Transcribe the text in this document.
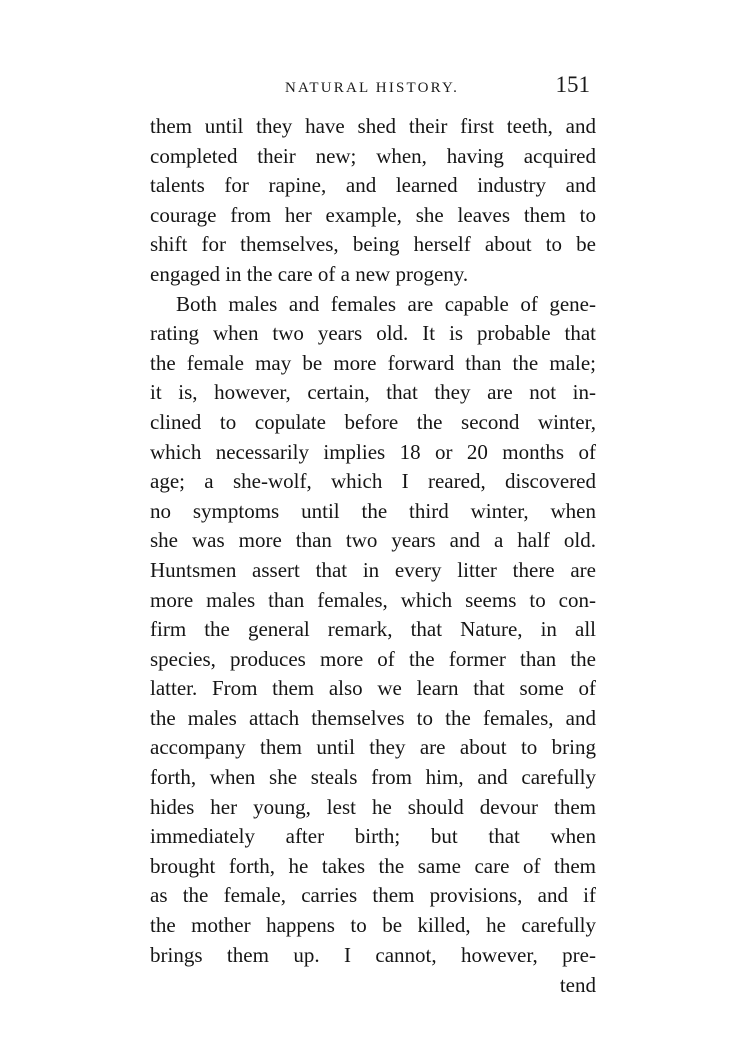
NATURAL HISTORY.	151
them until they have shed their first teeth, and
completed their new; when, having acquired
talents for rapine, and learned industry and
courage from her example, she leaves them to
shift for themselves, being herself about to be
engaged in the care of a new progeny.
Both males and females are capable of gene-
rating when two years old. It is probable that
the female may be more forward than the male;
it is, however, certain, that they are not in-
clined to copulate before the second winter,
which necessarily implies 18 or 20 months of
age; a she-wolf, which I reared, discovered
no symptoms until the third winter, when
she was more than two years and a half old.
Huntsmen assert that in every litter there are
more males than females, which seems to con-
firm the general remark, that Nature, in all
species, produces more of the former than the
latter. From them also we learn that some of
the males attach themselves to the females, and
accompany them until they are about to bring
forth, when she steals from him, and carefully
hides her young, lest he should devour them
immediately after birth; but that when
brought forth, he takes the same care of them
as the female, carries them provisions, and if
the mother happens to be killed, he carefully
brings them up. I cannot, however, pre-
tend
